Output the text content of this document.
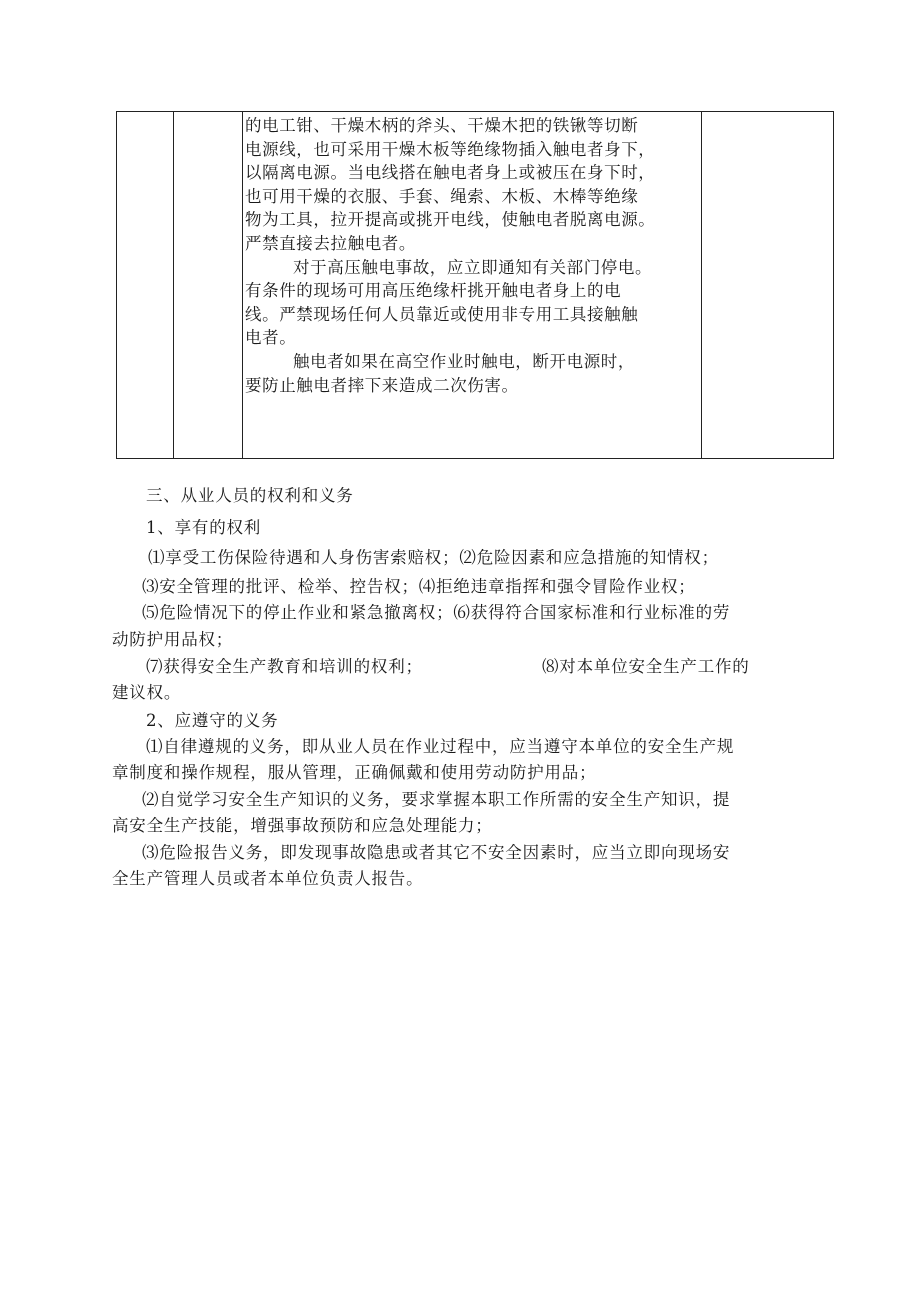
的电工钳、干燥木柄的斧头、干燥木把的铁锹等切断

电源线，也可采用干燥木板等绝缘物插入触电者身下，

以隔离电源。当电线搭在触电者身上或被压在身下时，

也可用干燥的衣服、手套、绳索、木板、木棒等绝缘

物为工具，拉开提高或挑开电线，使触电者脱离电源。

严禁直接去拉触电者。

对于高压触电事故，应立即通知有关部门停电。

有条件的现场可用高压绝缘杆挑开触电者身上的电

线。严禁现场任何人员靠近或使用非专用工具接触触

电者。

触电者如果在高空作业时触电，断开电源时，

要防止触电者摔下来造成二次伤害。

三、从业人员的权利和义务
1、享有的权利
⑴享受工伤保险待遇和人身伤害索赔权；⑵危险因素和应急措施的知情权；
⑶安全管理的批评、检举、控告权；⑷拒绝违章指挥和强令冒险作业权；
⑸危险情况下的停止作业和紧急撤离权；⑹获得符合国家标准和行业标准的劳
动防护用品权；
⑺获得安全生产教育和培训的权利；	⑻对本单位安全生产工作的
建议权。
2、应遵守的义务
⑴自律遵规的义务，即从业人员在作业过程中，应当遵守本单位的安全生产规
章制度和操作规程，服从管理，正确佩戴和使用劳动防护用品；
⑵自觉学习安全生产知识的义务，要求掌握本职工作所需的安全生产知识，提
高安全生产技能，增强事故预防和应急处理能力；
⑶危险报告义务，即发现事故隐患或者其它不安全因素时，应当立即向现场安
全生产管理人员或者本单位负责人报告。
